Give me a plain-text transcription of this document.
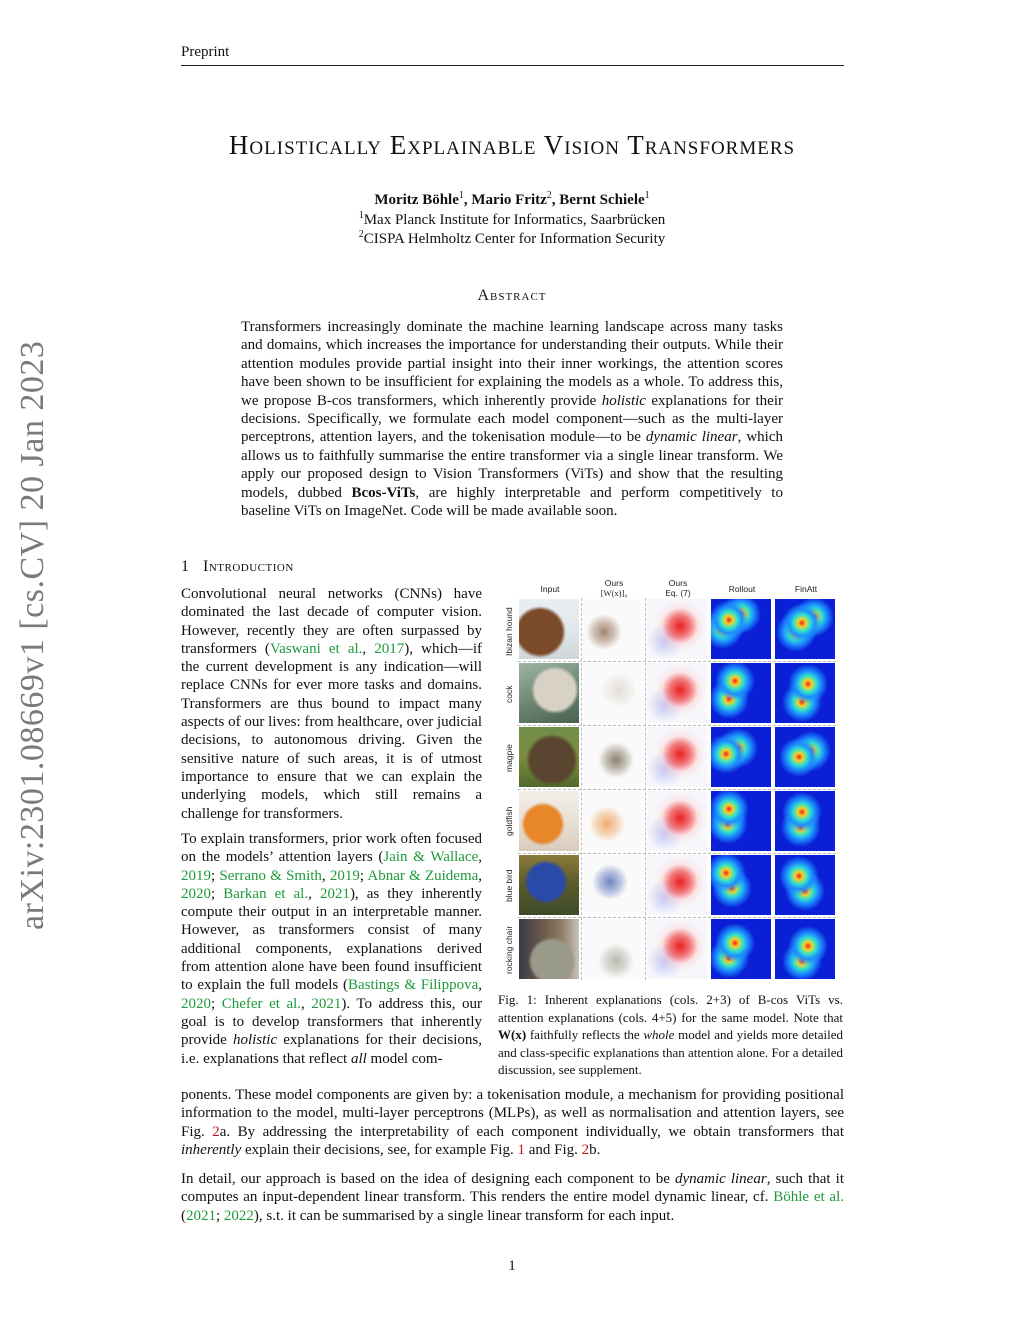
Preprint
arXiv:2301.08669v1 [cs.CV] 20 Jan 2023
Holistically Explainable Vision Transformers
Moritz Böhle$^1$, Mario Fritz$^2$, Bernt Schiele$^1$
$^1$Max Planck Institute for Informatics, Saarbrücken
$^2$CISPA Helmholtz Center for Information Security
Abstract
Transformers increasingly dominate the machine learning landscape across many tasks and domains, which increases the importance for understanding their outputs. While their attention modules provide partial insight into their inner workings, the attention scores have been shown to be insufficient for explaining the models as a whole. To address this, we propose B-cos transformers, which inherently provide holistic explanations for their decisions. Specifically, we formulate each model component—such as the multi-layer perceptrons, attention layers, and the tokenisation module—to be dynamic linear, which allows us to faithfully summarise the entire transformer via a single linear transform. We apply our proposed design to Vision Transformers (ViTs) and show that the resulting models, dubbed Bcos-ViTs, are highly interpretable and perform competitively to baseline ViTs on ImageNet. Code will be made available soon.
1 Introduction
Convolutional neural networks (CNNs) have dominated the last decade of computer vision. However, recently they are often surpassed by transformers (Vaswani et al., 2017), which—if the current development is any indication—will replace CNNs for ever more tasks and domains. Transformers are thus bound to impact many aspects of our lives: from healthcare, over judicial decisions, to autonomous driving. Given the sensitive nature of such areas, it is of utmost importance to ensure that we can explain the underlying models, which still remains a challenge for transformers.
To explain transformers, prior work often focused on the models’ attention layers (Jain & Wallace, 2019; Serrano & Smith, 2019; Abnar & Zuidema, 2020; Barkan et al., 2021), as they inherently compute their output in an interpretable manner. However, as transformers consist of many additional components, explanations derived from attention alone have been found insufficient to explain the full models (Bastings & Filippova, 2020; Chefer et al., 2021). To address this, our goal is to develop transformers that inherently provide holistic explanations for their decisions, i.e. explanations that reflect all model com-
ponents. These model components are given by: a tokenisation module, a mechanism for providing positional information to the model, multi-layer perceptrons (MLPs), as well as normalisation and attention layers, see Fig. 2a. By addressing the interpretability of each component individually, we obtain transformers that inherently explain their decisions, see, for example Fig. 1 and Fig. 2b.
In detail, our approach is based on the idea of designing each component to be dynamic linear, such that it computes an input-dependent linear transform. This renders the entire model dynamic linear, cf. Böhle et al. (2021; 2022), s.t. it can be summarised by a single linear transform for each input.
Input
Ours
[W(x)]₀
Ours
Eq. (7)	Rollout	FinAtt
Ibizan hound
cock
magpie
goldfish
blue bird
rocking chair
Fig. 1: Inherent explanations (cols. 2+3) of B-cos ViTs vs. attention explanations (cols. 4+5) for the same model. Note that W(x) faithfully reflects the whole model and yields more detailed and class-specific explanations than attention alone. For a detailed discussion, see supplement.
1
